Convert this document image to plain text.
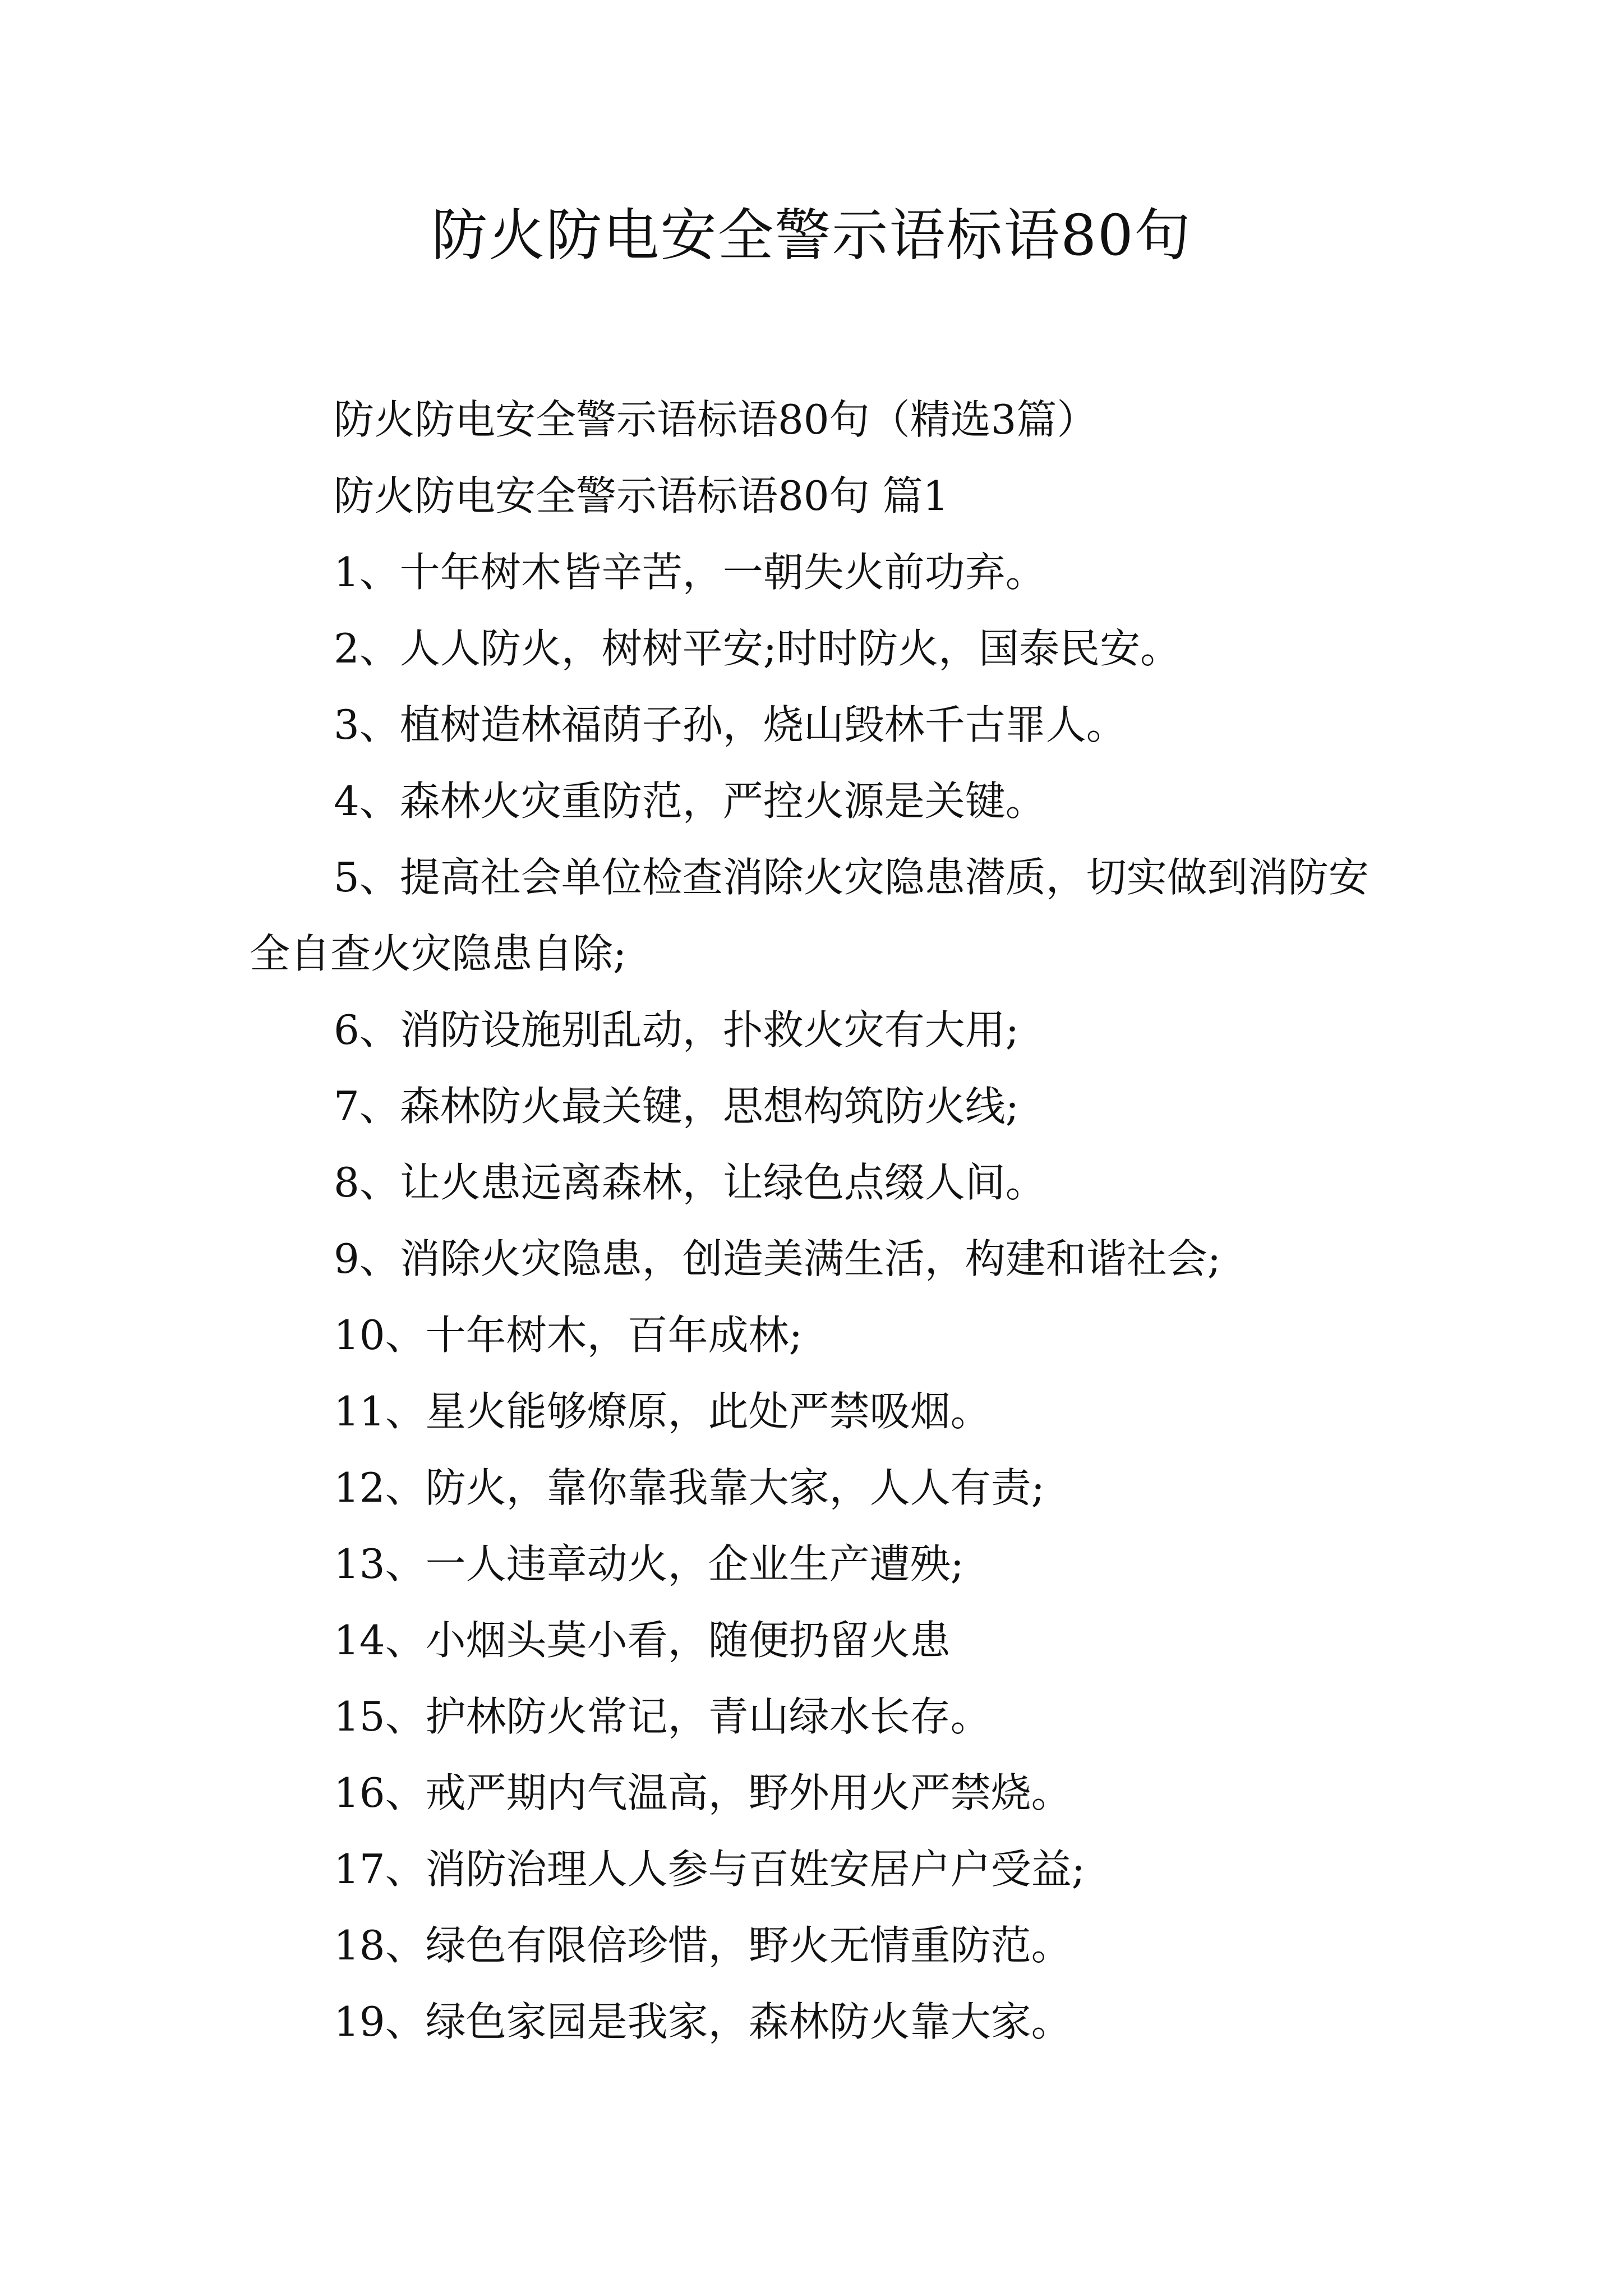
防火防电安全警示语标语80句

防火防电安全警示语标语80句（精选3篇）

防火防电安全警示语标语80句 篇1

1、十年树木皆辛苦，一朝失火前功弃。

2、人人防火，树树平安;时时防火，国泰民安。

3、植树造林福荫子孙，烧山毁林千古罪人。

4、森林火灾重防范，严控火源是关键。

5、提高社会单位检查消除火灾隐患潜质，切实做到消防安全自查火灾隐患自除;

6、消防设施别乱动，扑救火灾有大用;

7、森林防火最关键，思想构筑防火线;

8、让火患远离森林，让绿色点缀人间。

9、消除火灾隐患，创造美满生活，构建和谐社会;

10、十年树木，百年成林;

11、星火能够燎原，此处严禁吸烟。

12、防火，靠你靠我靠大家，人人有责;

13、一人违章动火，企业生产遭殃;

14、小烟头莫小看，随便扔留火患

15、护林防火常记，青山绿水长存。

16、戒严期内气温高，野外用火严禁烧。

17、消防治理人人参与百姓安居户户受益;

18、绿色有限倍珍惜，野火无情重防范。

19、绿色家园是我家，森林防火靠大家。
